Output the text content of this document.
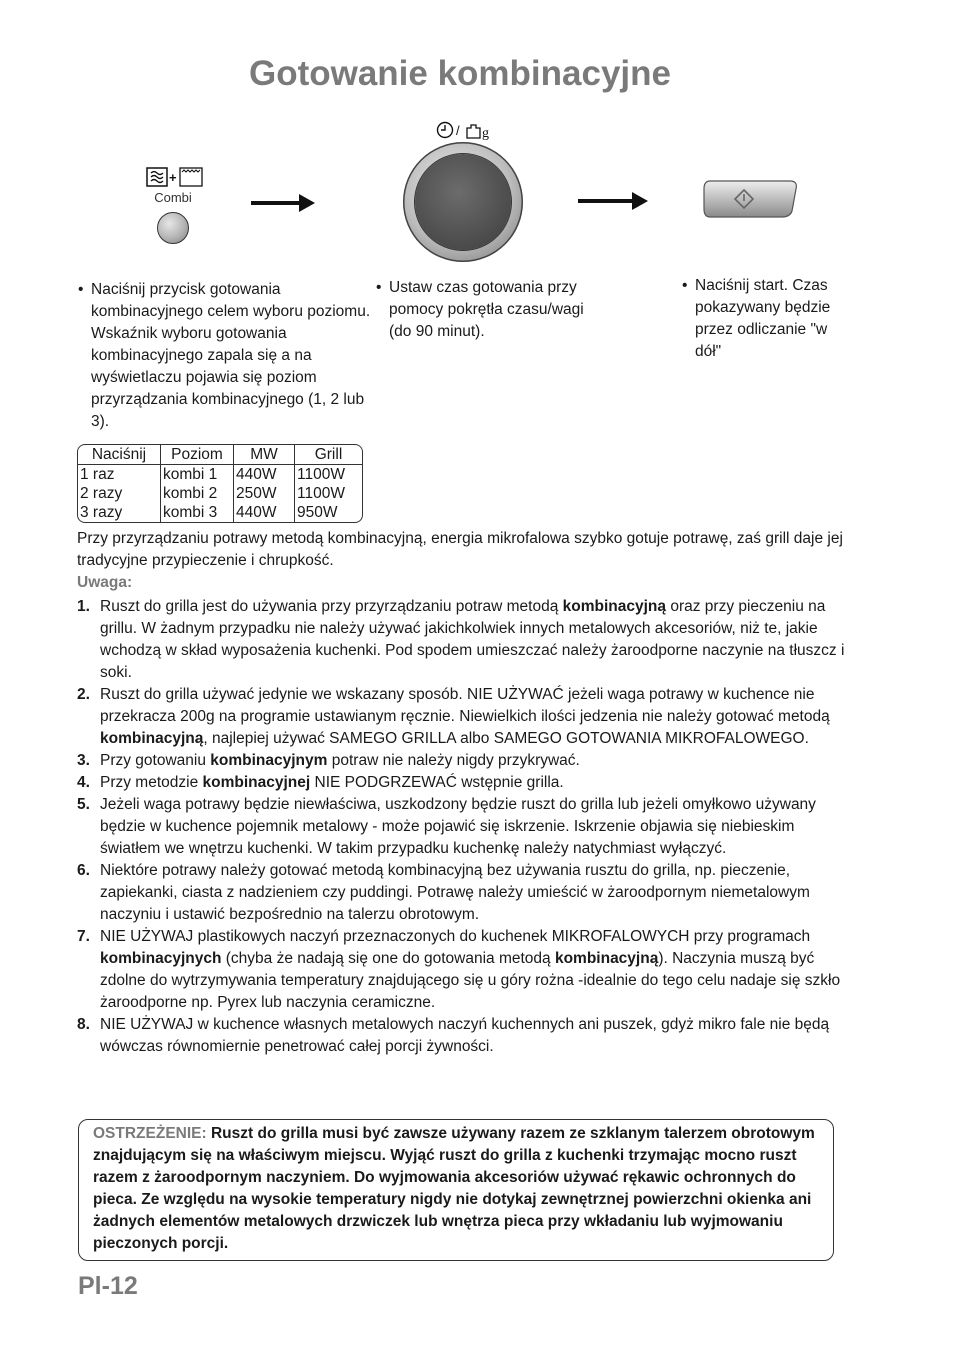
Gotowanie kombinacyjne
+
Combi
/ g
• Naciśnij przycisk gotowania kombinacyjnego celem wyboru poziomu. Wskaźnik wyboru gotowania kombinacyjnego zapala się a na wyświetlaczu pojawia się poziom przyrządzania kombinacyjnego (1, 2 lub 3).
• Ustaw czas gotowania przy pomocy pokrętła czasu/wagi (do 90 minut).
• Naciśnij start. Czas pokazywany będzie przez odliczanie "w dół"
Naciśnij	Poziom	MW	Grill
1 raz	kombi 1	440W	1100W
2 razy	kombi 2	250W	1100W
3 razy	kombi 3	440W	950W
Przy przyrządzaniu potrawy metodą kombinacyjną, energia mikrofalowa szybko gotuje potrawę, zaś grill daje jej tradycyjne przypieczenie i chrupkość.
Uwaga:
1. Ruszt do grilla jest do używania przy przyrządzaniu potraw metodą kombinacyjną oraz przy pieczeniu na grillu. W żadnym przypadku nie należy używać jakichkolwiek innych metalowych akcesoriów, niż te, jakie wchodzą w skład wyposażenia kuchenki. Pod spodem umieszczać należy żaroodporne naczynie na tłuszcz i soki.
2. Ruszt do grilla używać jedynie we wskazany sposób. NIE UŻYWAĆ jeżeli waga potrawy w kuchence nie przekracza 200g na programie ustawianym ręcznie. Niewielkich ilości jedzenia nie należy gotować metodą kombinacyjną, najlepiej używać SAMEGO GRILLA albo SAMEGO GOTOWANIA MIKROFALOWEGO.
3. Przy gotowaniu kombinacyjnym potraw nie należy nigdy przykrywać.
4. Przy metodzie kombinacyjnej NIE PODGRZEWAĆ wstępnie grilla.
5. Jeżeli waga potrawy będzie niewłaściwa, uszkodzony będzie ruszt do grilla lub jeżeli omyłkowo używany będzie w kuchence pojemnik metalowy - może pojawić się iskrzenie. Iskrzenie objawia się niebieskim światłem we wnętrzu kuchenki. W takim przypadku kuchenkę należy natychmiast wyłączyć.
6. Niektóre potrawy należy gotować metodą kombinacyjną bez używania rusztu do grilla, np. pieczenie, zapiekanki, ciasta z nadzieniem czy puddingi. Potrawę należy umieścić w żaroodpornym niemetalowym naczyniu i ustawić bezpośrednio na talerzu obrotowym.
7. NIE UŻYWAJ plastikowych naczyń przeznaczonych do kuchenek MIKROFALOWYCH przy programach kombinacyjnych (chyba że nadają się one do gotowania metodą kombinacyjną). Naczynia muszą być zdolne do wytrzymywania temperatury znajdującego się u góry rożna -idealnie do tego celu nadaje się szkło żaroodporne np. Pyrex lub naczynia ceramiczne.
8. NIE UŻYWAJ w kuchence własnych metalowych naczyń kuchennych ani puszek, gdyż mikro fale nie będą wówczas równomiernie penetrować całej porcji żywności.
OSTRZEŻENIE: Ruszt do grilla musi być zawsze używany razem ze szklanym talerzem obrotowym znajdującym się na właściwym miejscu. Wyjąć ruszt do grilla z kuchenki trzymając mocno ruszt razem z żaroodpornym naczyniem. Do wyjmowania akcesoriów używać rękawic ochronnych do pieca. Ze względu na wysokie temperatury nigdy nie dotykaj zewnętrznej powierzchni okienka ani żadnych elementów metalowych drzwiczek lub wnętrza pieca przy wkładaniu lub wyjmowaniu pieczonych porcji.
Pl-12
